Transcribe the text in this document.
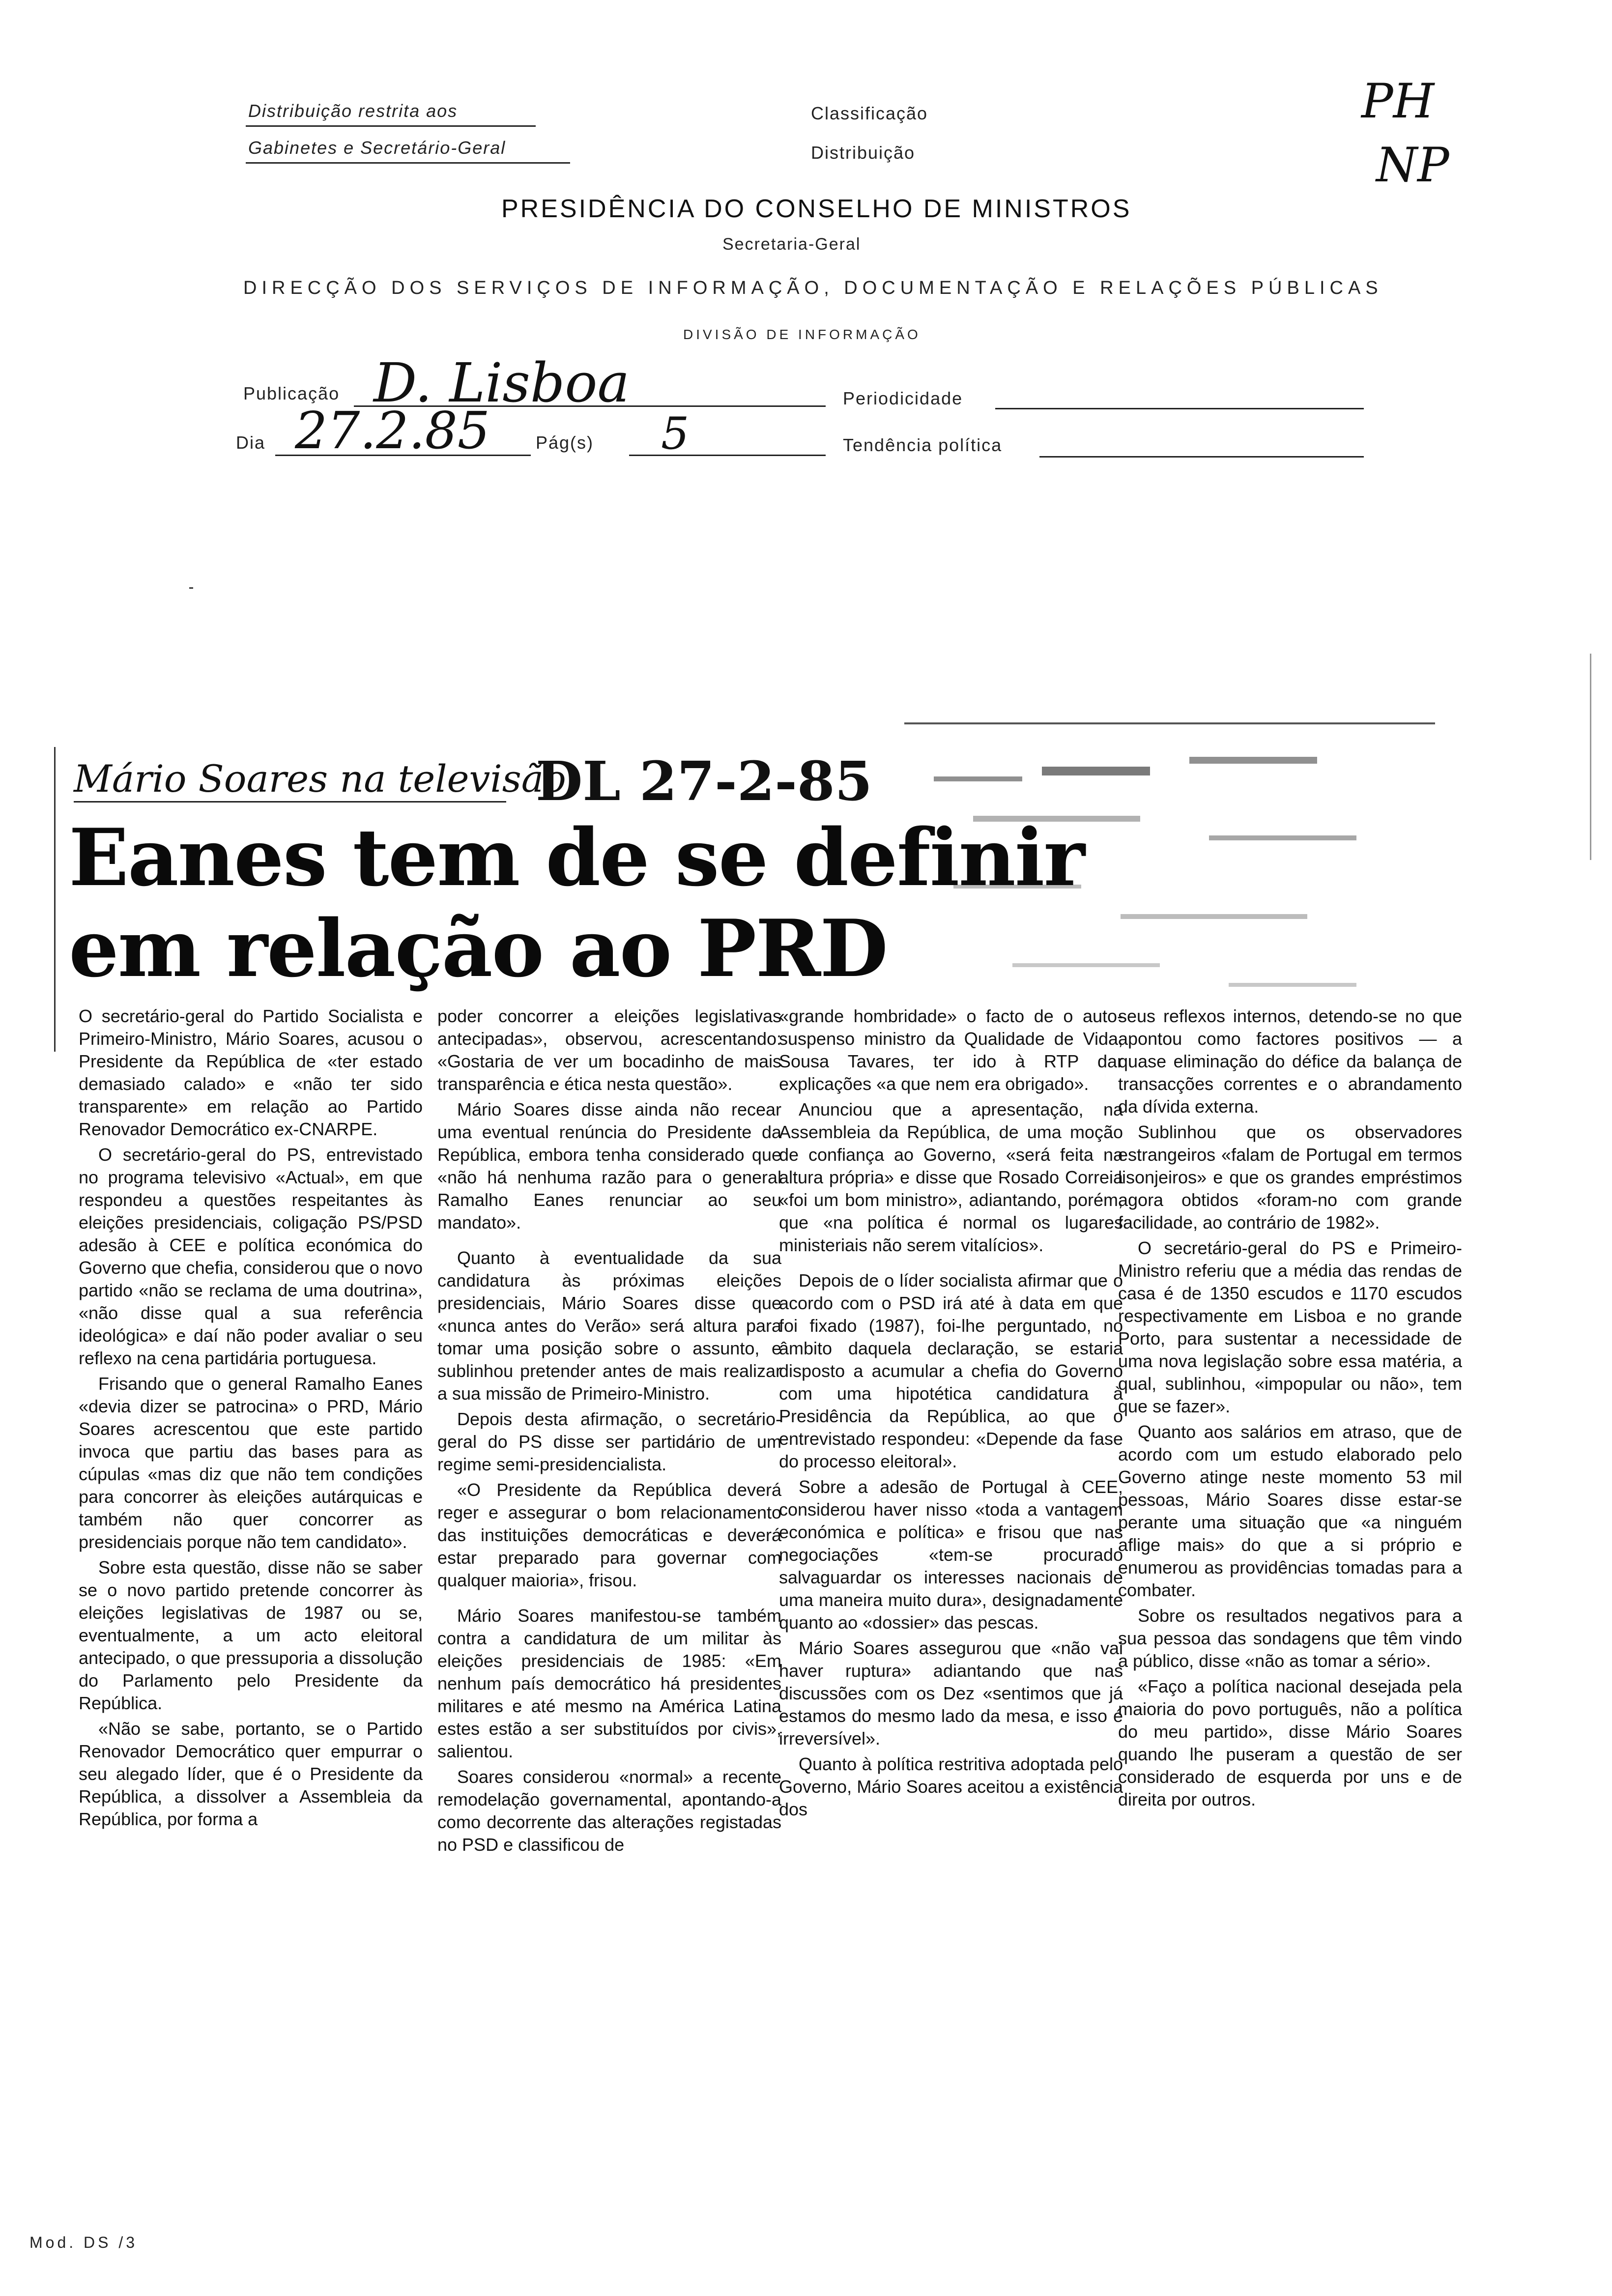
Distribuição restrita aos
Gabinetes e Secretário-Geral
Classificação
Distribuição
PH
NP
PRESIDÊNCIA DO CONSELHO DE MINISTROS
Secretaria-Geral
DIRECÇÃO DOS SERVIÇOS DE INFORMAÇÃO, DOCUMENTAÇÃO E RELAÇÕES PÚBLICAS
DIVISÃO DE INFORMAÇÃO
Publicação D. Lisboa	Periodicidade
Dia 27.2.85	Pág(s) 5	Tendência política
Mário Soares na televisão
DL 27-2-85
Eanes tem de se definir
em relação ao PRD

O secretário-geral do Partido Socialista e Primeiro-Ministro, Mário Soares, acusou o Presidente da República de «ter estado demasiado calado» e «não ter sido transparente» em relação ao Partido Renovador Democrático ex-CNARPE.

O secretário-geral do PS, entrevistado no programa televisivo «Actual», em que respondeu a questões respeitantes às eleições presidenciais, coligação PS/PSD adesão à CEE e política económica do Governo que chefia, considerou que o novo partido «não se reclama de uma doutrina», «não disse qual a sua referência ideológica» e daí não poder avaliar o seu reflexo na cena partidária portuguesa.

Frisando que o general Ramalho Eanes «devia dizer se patrocina» o PRD, Mário Soares acrescentou que este partido invoca que partiu das bases para as cúpulas «mas diz que não tem condições para concorrer às eleições autárquicas e também não quer concorrer as presidenciais porque não tem candidato».

Sobre esta questão, disse não se saber se o novo partido pretende concorrer às eleições legislativas de 1987 ou se, eventualmente, a um acto eleitoral antecipado, o que pressuporia a dissolução do Parlamento pelo Presidente da República.

«Não se sabe, portanto, se o Partido Renovador Democrático quer empurrar o seu alegado líder, que é o Presidente da República, a dissolver a Assembleia da República, por forma a

poder concorrer a eleições legislativas antecipadas», observou, acrescentando: «Gostaria de ver um bocadinho de mais transparência e ética nesta questão».

Mário Soares disse ainda não recear uma eventual renúncia do Presidente da República, embora tenha considerado que «não há nenhuma razão para o general Ramalho Eanes renunciar ao seu mandato».

Quanto à eventualidade da sua candidatura às próximas eleições presidenciais, Mário Soares disse que «nunca antes do Verão» será altura para tomar uma posição sobre o assunto, e sublinhou pretender antes de mais realizar a sua missão de Primeiro-Ministro.

Depois desta afirmação, o secretário-geral do PS disse ser partidário de um regime semi-presidencialista.

«O Presidente da República deverá reger e assegurar o bom relacionamento das instituições democráticas e deverá estar preparado para governar com qualquer maioria», frisou.

Mário Soares manifestou-se também contra a candidatura de um militar às eleições presidenciais de 1985: «Em nenhum país democrático há presidentes militares e até mesmo na América Latina estes estão a ser substituídos por civis», salientou.

Soares considerou «normal» a recente remodelação governamental, apontando-a como decorrente das alterações registadas no PSD e classificou de

«grande hombridade» o facto de o auto-suspenso ministro da Qualidade de Vida, Sousa Tavares, ter ido à RTP dar explicações «a que nem era obrigado».

Anunciou que a apresentação, na Assembleia da República, de uma moção de confiança ao Governo, «será feita na altura própria» e disse que Rosado Correia «foi um bom ministro», adiantando, porém, que «na política é normal os lugares ministeriais não serem vitalícios».

Depois de o líder socialista afirmar que o acordo com o PSD irá até à data em que foi fixado (1987), foi-lhe perguntado, no âmbito daquela declaração, se estaria disposto a acumular a chefia do Governo com uma hipotética candidatura à Presidência da República, ao que o entrevistado respondeu: «Depende da fase do processo eleitoral».

Sobre a adesão de Portugal à CEE, considerou haver nisso «toda a vantagem económica e política» e frisou que nas negociações «tem-se procurado salvaguardar os interesses nacionais de uma maneira muito dura», designadamente quanto ao «dossier» das pescas.

Mário Soares assegurou que «não vai haver ruptura» adiantando que nas discussões com os Dez «sentimos que já estamos do mesmo lado da mesa, e isso é irreversível».

Quanto à política restritiva adoptada pelo Governo, Mário Soares aceitou a existência dos

seus reflexos internos, detendo-se no que apontou como factores positivos — a quase eliminação do défice da balança de transacções correntes e o abrandamento da dívida externa.

Sublinhou que os observadores estrangeiros «falam de Portugal em termos lisonjeiros» e que os grandes empréstimos agora obtidos «foram-no com grande facilidade, ao contrário de 1982».

O secretário-geral do PS e Primeiro-Ministro referiu que a média das rendas de casa é de 1350 escudos e 1170 escudos respectivamente em Lisboa e no grande Porto, para sustentar a necessidade de uma nova legislação sobre essa matéria, a qual, sublinhou, «impopular ou não», tem que se fazer».

Quanto aos salários em atraso, que de acordo com um estudo elaborado pelo Governo atinge neste momento 53 mil pessoas, Mário Soares disse estar-se perante uma situação que «a ninguém aflige mais» do que a si próprio e enumerou as providências tomadas para a combater.

Sobre os resultados negativos para a sua pessoa das sondagens que têm vindo a público, disse «não as tomar a sério».

«Faço a política nacional desejada pela maioria do povo português, não a política do meu partido», disse Mário Soares quando lhe puseram a questão de ser considerado de esquerda por uns e de direita por outros.

Mod. DS /3
